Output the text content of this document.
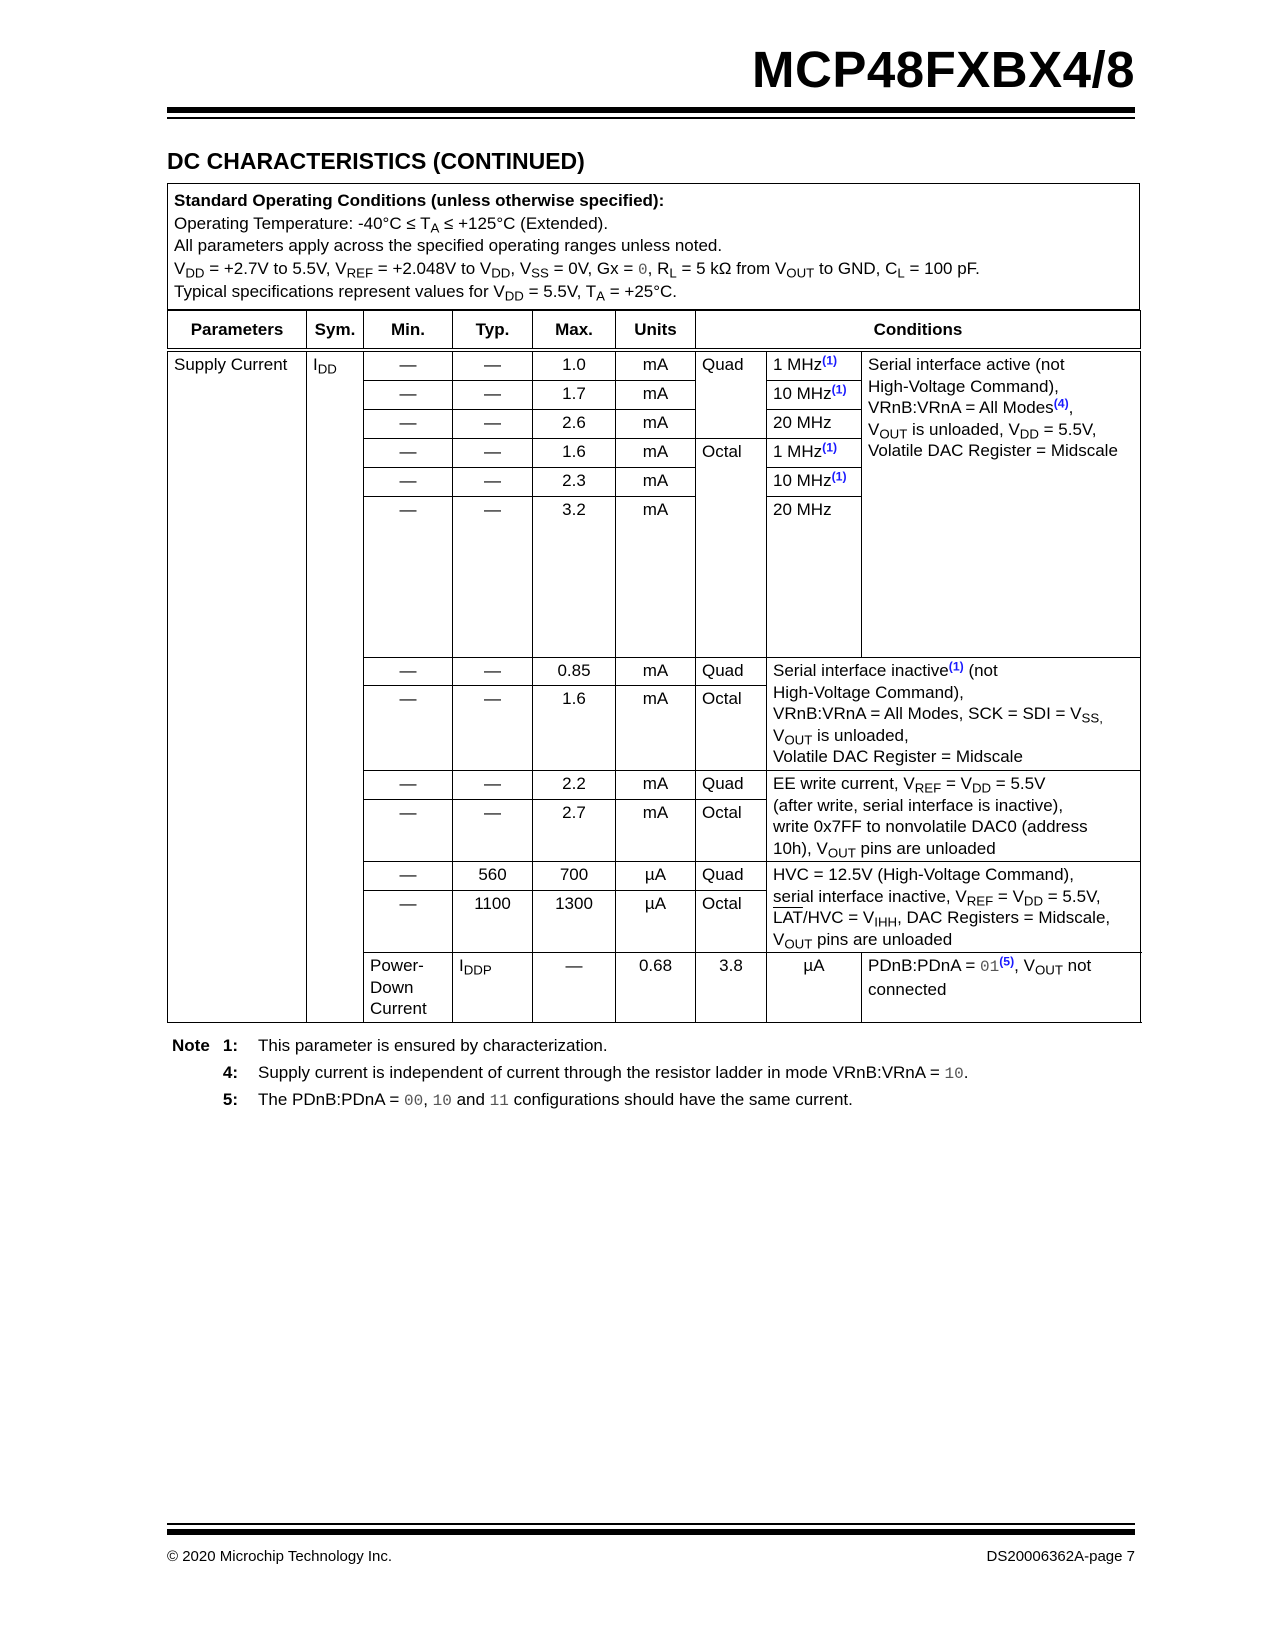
MCP48FXBX4/8
DC CHARACTERISTICS (CONTINUED)
Standard Operating Conditions (unless otherwise specified):
Operating Temperature: $-40^\circ C \le T_A \le +125^\circ C$ (Extended).
All parameters apply across the specified operating ranges unless noted.
$V_{DD} = +2.7V$ to 5.5V, $V_{REF} = +2.048V$ to $V_{DD}$, $V_{SS} = 0V$, Gx = 0, $R_L = 5$ kΩ from $V_{OUT}$ to GND, $C_L = 100$ pF.
Typical specifications represent values for $V_{DD} = 5.5V$, $T_A = +25^\circ C$.
Parameters	Sym.	Min.	Typ.	Max.	Units	Conditions		
Supply Current	$I_{DD}$	—	—	1.0	mA	Quad	1 MHz$^{(1)}$	Serial interface active (not
High-Voltage Command),
VRnB:VRnA = All Modes$^{(4)}$,
$V_{OUT}$ is unloaded, $V_{DD} = 5.5V$,
Volatile DAC Register = Midscale
		—	—	1.7	mA		10 MHz$^{(1)}$
		—	—	2.6	mA		20 MHz	
		—	—	1.6	mA	Octal	1 MHz$^{(1)}$
		—	—	2.3	mA		10 MHz$^{(1)}$
		—	—	3.2	mA		20 MHz	
		—	—	0.85	mA	Quad	Serial interface inactive$^{(1)}$ (not
High-Voltage Command),
VRnB:VRnA = All Modes, SCK = SDI = $V_{SS,}$
$V_{OUT}$ is unloaded,
Volatile DAC Register = Midscale	
		—	—	1.6	mA	Octal		
		—	—	2.2	mA	Quad	EE write current, $V_{REF} = V_{DD} = 5.5V$
(after write, serial interface is inactive),
write 0x7FF to nonvolatile DAC0 (address
10h), $V_{OUT}$ pins are unloaded	
		—	—	2.7	mA	Octal		
		—	560	700	µA	Quad	HVC = 12.5V (High-Voltage Command),
serial interface inactive, $V_{REF} = V_{DD} = 5.5V$,
$\overline{LAT}$/HVC = $V_{IHH}$, DAC Registers = Midscale,
$V_{OUT}$ pins are unloaded	
		—	1100	1300	µA	Octal		
		Power-Down Current	$I_{DDP}$	—	0.68	3.8	µA	PDnB:PDnA = 01$^{(5)}$, $V_{OUT}$ not connected
Note 1:	This parameter is ensured by characterization.
4:	Supply current is independent of current through the resistor ladder in mode VRnB:VRnA = 10.
5:	The PDnB:PDnA = 00, 10 and 11 configurations should have the same current.
© 2020 Microchip Technology Inc.	DS20006362A-page 7
